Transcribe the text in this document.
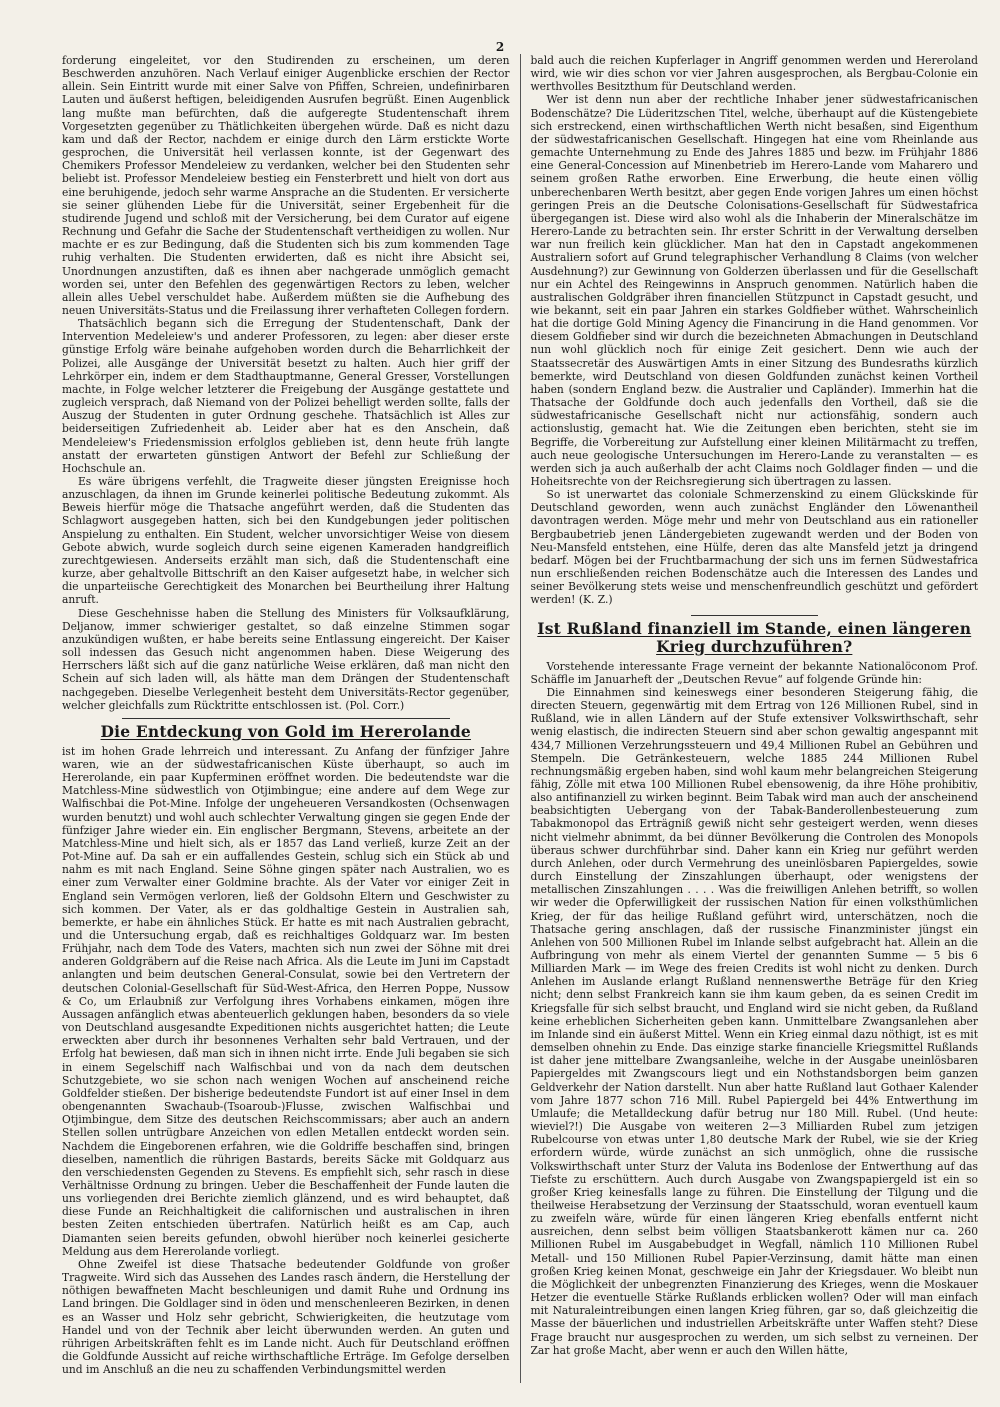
2

forderung eingeleitet, vor den Studirenden zu erscheinen, um deren Beschwerden anzuhören. Nach Verlauf einiger Augenblicke erschien der Rector allein. Sein Eintritt wurde mit einer Salve von Pfiffen, Schreien, undefinirbaren Lauten und äußerst heftigen, beleidigenden Ausrufen begrüßt. Einen Augenblick lang mußte man befürchten, daß die aufgeregte Studentenschaft ihrem Vorgesetzten gegenüber zu Thätlichkeiten übergehen würde. Daß es nicht dazu kam und daß der Rector, nachdem er einige durch den Lärm erstickte Worte gesprochen, die Universität heil verlassen konnte, ist der Gegenwart des Chemikers Professor Mendeleiew zu verdanken, welcher bei den Studenten sehr beliebt ist. Professor Mendeleiew bestieg ein Fensterbrett und hielt von dort aus eine beruhigende, jedoch sehr warme Ansprache an die Studenten. Er versicherte sie seiner glühenden Liebe für die Universität, seiner Ergebenheit für die studirende Jugend und schloß mit der Versicherung, bei dem Curator auf eigene Rechnung und Gefahr die Sache der Studentenschaft vertheidigen zu wollen. Nur machte er es zur Bedingung, daß die Studenten sich bis zum kommenden Tage ruhig verhalten. Die Studenten erwiderten, daß es nicht ihre Absicht sei, Unordnungen anzustiften, daß es ihnen aber nachgerade unmöglich gemacht worden sei, unter den Befehlen des gegenwärtigen Rectors zu leben, welcher allein alles Uebel verschuldet habe. Außerdem müßten sie die Aufhebung des neuen Universitäts-Status und die Freilassung ihrer verhafteten Collegen fordern.

Thatsächlich begann sich die Erregung der Studentenschaft, Dank der Intervention Medeleiew's und anderer Professoren, zu legen: aber dieser erste günstige Erfolg wäre beinahe aufgehoben worden durch die Beharrlichkeit der Polizei, alle Ausgänge der Universität besetzt zu halten. Auch hier griff der Lehrkörper ein, indem er dem Stadthauptmanne, General Gresser, Vorstellungen machte, in Folge welcher letzterer die Freigebung der Ausgänge gestattete und zugleich versprach, daß Niemand von der Polizei behelligt werden sollte, falls der Auszug der Studenten in guter Ordnung geschehe. Thatsächlich ist Alles zur beiderseitigen Zufriedenheit ab. Leider aber hat es den Anschein, daß Mendeleiew's Friedensmission erfolglos geblieben ist, denn heute früh langte anstatt der erwarteten günstigen Antwort der Befehl zur Schließung der Hochschule an.

Es wäre übrigens verfehlt, die Tragweite dieser jüngsten Ereignisse hoch anzuschlagen, da ihnen im Grunde keinerlei politische Bedeutung zukommt. Als Beweis hierfür möge die Thatsache angeführt werden, daß die Studenten das Schlagwort ausgegeben hatten, sich bei den Kundgebungen jeder politischen Anspielung zu enthalten. Ein Student, welcher unvorsichtiger Weise von diesem Gebote abwich, wurde sogleich durch seine eigenen Kameraden handgreiflich zurechtgewiesen. Anderseits erzählt man sich, daß die Studentenschaft eine kurze, aber gehaltvolle Bittschrift an den Kaiser aufgesetzt habe, in welcher sich die unparteiische Gerechtigkeit des Monarchen bei Beurtheilung ihrer Haltung anruft.

Diese Geschehnisse haben die Stellung des Ministers für Volksaufklärung, Deljanow, immer schwieriger gestaltet, so daß einzelne Stimmen sogar anzukündigen wußten, er habe bereits seine Entlassung eingereicht. Der Kaiser soll indessen das Gesuch nicht angenommen haben. Diese Weigerung des Herrschers läßt sich auf die ganz natürliche Weise erklären, daß man nicht den Schein auf sich laden will, als hätte man dem Drängen der Studentenschaft nachgegeben. Dieselbe Verlegenheit besteht dem Universitäts-Rector gegenüber, welcher gleichfalls zum Rücktritte entschlossen ist. (Pol. Corr.)

Die Entdeckung von Gold im Hererolande

ist im hohen Grade lehrreich und interessant. Zu Anfang der fünfziger Jahre waren, wie an der südwestafricanischen Küste überhaupt, so auch im Hererolande, ein paar Kupferminen eröffnet worden. Die bedeutendste war die Matchless-Mine südwestlich von Otjimbingue; eine andere auf dem Wege zur Walfischbai die Pot-Mine. Infolge der ungeheueren Versandkosten (Ochsenwagen wurden benutzt) und wohl auch schlechter Verwaltung gingen sie gegen Ende der fünfziger Jahre wieder ein. Ein englischer Bergmann, Stevens, arbeitete an der Matchless-Mine und hielt sich, als er 1857 das Land verließ, kurze Zeit an der Pot-Mine auf. Da sah er ein auffallendes Gestein, schlug sich ein Stück ab und nahm es mit nach England. Seine Söhne gingen später nach Australien, wo es einer zum Verwalter einer Goldmine brachte. Als der Vater vor einiger Zeit in England sein Vermögen verloren, ließ der Goldsohn Eltern und Geschwister zu sich kommen. Der Vater, als er das goldhaltige Gestein in Australien sah, bemerkte, er habe ein ähnliches Stück. Er hatte es mit nach Australien gebracht, und die Untersuchung ergab, daß es reichhaltiges Goldquarz war. Im besten Frühjahr, nach dem Tode des Vaters, machten sich nun zwei der Söhne mit drei anderen Goldgräbern auf die Reise nach Africa. Als die Leute im Juni im Capstadt anlangten und beim deutschen General-Consulat, sowie bei den Vertretern der deutschen Colonial-Gesellschaft für Süd-West-Africa, den Herren Poppe, Nussow & Co, um Erlaubniß zur Verfolgung ihres Vorhabens einkamen, mögen ihre Aussagen anfänglich etwas abenteuerlich geklungen haben, besonders da so viele von Deutschland ausgesandte Expeditionen nichts ausgerichtet hatten; die Leute erweckten aber durch ihr besonnenes Verhalten sehr bald Vertrauen, und der Erfolg hat bewiesen, daß man sich in ihnen nicht irrte. Ende Juli begaben sie sich in einem Segelschiff nach Walfischbai und von da nach dem deutschen Schutzgebiete, wo sie schon nach wenigen Wochen auf anscheinend reiche Goldfelder stießen. Der bisherige bedeutendste Fundort ist auf einer Insel in dem obengenannten Swachaub-(Tsoaroub-)Flusse, zwischen Walfischbai und Otjimbingue, dem Sitze des deutschen Reichscommissars; aber auch an andern Stellen sollen untrügbare Anzeichen von edlen Metallen entdeckt worden sein. Nachdem die Eingeborenen erfahren, wie die Goldriffe beschaffen sind, bringen dieselben, namentlich die rührigen Bastards, bereits Säcke mit Goldquarz aus den verschiedensten Gegenden zu Stevens. Es empfiehlt sich, sehr rasch in diese Verhältnisse Ordnung zu bringen. Ueber die Beschaffenheit der Funde lauten die uns vorliegenden drei Berichte ziemlich glänzend, und es wird behauptet, daß diese Funde an Reichhaltigkeit die californischen und australischen in ihren besten Zeiten entschieden übertrafen. Natürlich heißt es am Cap, auch Diamanten seien bereits gefunden, obwohl hierüber noch keinerlei gesicherte Meldung aus dem Hererolande vorliegt.

Ohne Zweifel ist diese Thatsache bedeutender Goldfunde von großer Tragweite. Wird sich das Aussehen des Landes rasch ändern, die Herstellung der nöthigen bewaffneten Macht beschleunigen und damit Ruhe und Ordnung ins Land bringen. Die Goldlager sind in öden und menschenleeren Bezirken, in denen es an Wasser und Holz sehr gebricht, Schwierigkeiten, die heutzutage vom Handel und von der Technik aber leicht überwunden werden. An guten und rührigen Arbeitskräften fehlt es im Lande nicht. Auch für Deutschland eröffnen die Goldfunde Aussicht auf reiche wirthschaftliche Erträge. Im Gefolge derselben und im Anschluß an die neu zu schaffenden Verbindungsmittel werden

bald auch die reichen Kupferlager in Angriff genommen werden und Hereroland wird, wie wir dies schon vor vier Jahren ausgesprochen, als Bergbau-Colonie ein werthvolles Besitzthum für Deutschland werden.

Wer ist denn nun aber der rechtliche Inhaber jener südwestafricanischen Bodenschätze? Die Lüderitzschen Titel, welche, überhaupt auf die Küstengebiete sich erstreckend, einen wirthschaftlichen Werth nicht besaßen, sind Eigenthum der südwestafricanischen Gesellschaft. Hingegen hat eine vom Rheinlande aus gemachte Unternehmung zu Ende des Jahres 1885 und bezw. im Frühjahr 1886 eine General-Concession auf Minenbetrieb im Herero-Lande vom Maharero und seinem großen Rathe erworben. Eine Erwerbung, die heute einen völlig unberechenbaren Werth besitzt, aber gegen Ende vorigen Jahres um einen höchst geringen Preis an die Deutsche Colonisations-Gesellschaft für Südwestafrica übergegangen ist. Diese wird also wohl als die Inhaberin der Mineralschätze im Herero-Lande zu betrachten sein. Ihr erster Schritt in der Verwaltung derselben war nun freilich kein glücklicher. Man hat den in Capstadt angekommenen Australiern sofort auf Grund telegraphischer Verhandlung 8 Claims (von welcher Ausdehnung?) zur Gewinnung von Golderzen überlassen und für die Gesellschaft nur ein Achtel des Reingewinns in Anspruch genommen. Natürlich haben die australischen Goldgräber ihren financiellen Stützpunct in Capstadt gesucht, und wie bekannt, seit ein paar Jahren ein starkes Goldfieber wüthet. Wahrscheinlich hat die dortige Gold Mining Agency die Financirung in die Hand genommen. Vor diesem Goldfieber sind wir durch die bezeichneten Abmachungen in Deutschland nun wohl glücklich noch für einige Zeit gesichert. Denn wie auch der Staatssecretär des Auswärtigen Amts in einer Sitzung des Bundesraths kürzlich bemerkte, wird Deutschland von diesen Goldfunden zunächst keinen Vortheil haben (sondern England bezw. die Australier und Capländer). Immerhin hat die Thatsache der Goldfunde doch auch jedenfalls den Vortheil, daß sie die südwestafricanische Gesellschaft nicht nur actionsfähig, sondern auch actionslustig, gemacht hat. Wie die Zeitungen eben berichten, steht sie im Begriffe, die Vorbereitung zur Aufstellung einer kleinen Militärmacht zu treffen, auch neue geologische Untersuchungen im Herero-Lande zu veranstalten — es werden sich ja auch außerhalb der acht Claims noch Goldlager finden — und die Hoheitsrechte von der Reichsregierung sich übertragen zu lassen.

So ist unerwartet das coloniale Schmerzenskind zu einem Glückskinde für Deutschland geworden, wenn auch zunächst Engländer den Löwenantheil davontragen werden. Möge mehr und mehr von Deutschland aus ein rationeller Bergbaubetrieb jenen Ländergebieten zugewandt werden und der Boden von Neu-Mansfeld entstehen, eine Hülfe, deren das alte Mansfeld jetzt ja dringend bedarf. Mögen bei der Fruchtbarmachung der sich uns im fernen Südwestafrica nun erschließenden reichen Bodenschätze auch die Interessen des Landes und seiner Bevölkerung stets weise und menschenfreundlich geschützt und gefördert werden! (K. Z.)

Ist Rußland finanziell im Stande, einen längeren Krieg durchzuführen?

Vorstehende interessante Frage verneint der bekannte Nationalöconom Prof. Schäffle im Januarheft der „Deutschen Revue“ auf folgende Gründe hin:

Die Einnahmen sind keineswegs einer besonderen Steigerung fähig, die directen Steuern, gegenwärtig mit dem Ertrag von 126 Millionen Rubel, sind in Rußland, wie in allen Ländern auf der Stufe extensiver Volkswirthschaft, sehr wenig elastisch, die indirecten Steuern sind aber schon gewaltig angespannt mit 434,7 Millionen Verzehrungssteuern und 49,4 Millionen Rubel an Gebühren und Stempeln. Die Getränkesteuern, welche 1885 244 Millionen Rubel rechnungsmäßig ergeben haben, sind wohl kaum mehr belangreichen Steigerung fähig, Zölle mit etwa 100 Millionen Rubel ebensowenig, da ihre Höhe prohibitiv, also antifinanziell zu wirken beginnt. Beim Tabak wird man auch der anscheinend beabsichtigten Uebergang von der Tabak-Banderollenbesteuerung zum Tabakmonopol das Erträgniß gewiß nicht sehr gesteigert werden, wenn dieses nicht vielmehr abnimmt, da bei dünner Bevölkerung die Controlen des Monopols überaus schwer durchführbar sind. Daher kann ein Krieg nur geführt werden durch Anlehen, oder durch Vermehrung des uneinlösbaren Papiergeldes, sowie durch Einstellung der Zinszahlungen überhaupt, oder wenigstens der metallischen Zinszahlungen . . . . Was die freiwilligen Anlehen betrifft, so wollen wir weder die Opferwilligkeit der russischen Nation für einen volksthümlichen Krieg, der für das heilige Rußland geführt wird, unterschätzen, noch die Thatsache gering anschlagen, daß der russische Finanzminister jüngst ein Anlehen von 500 Millionen Rubel im Inlande selbst aufgebracht hat. Allein an die Aufbringung von mehr als einem Viertel der genannten Summe — 5 bis 6 Milliarden Mark — im Wege des freien Credits ist wohl nicht zu denken. Durch Anlehen im Auslande erlangt Rußland nennenswerthe Beträge für den Krieg nicht; denn selbst Frankreich kann sie ihm kaum geben, da es seinen Credit im Kriegsfalle für sich selbst braucht, und England wird sie nicht geben, da Rußland keine erheblichen Sicherheiten geben kann. Unmittelbare Zwangsanlehen aber im Inlande sind ein äußerst Mittel. Wenn ein Krieg einmal dazu nöthigt, ist es mit demselben ohnehin zu Ende. Das einzige starke financielle Kriegsmittel Rußlands ist daher jene mittelbare Zwangsanleihe, welche in der Ausgabe uneinlösbaren Papiergeldes mit Zwangscours liegt und ein Nothstandsborgen beim ganzen Geldverkehr der Nation darstellt. Nun aber hatte Rußland laut Gothaer Kalender vom Jahre 1877 schon 716 Mill. Rubel Papiergeld bei 44% Entwerthung im Umlaufe; die Metalldeckung dafür betrug nur 180 Mill. Rubel. (Und heute: wieviel?!) Die Ausgabe von weiteren 2—3 Milliarden Rubel zum jetzigen Rubelcourse von etwas unter 1,80 deutsche Mark der Rubel, wie sie der Krieg erfordern würde, würde zunächst an sich unmöglich, ohne die russische Volkswirthschaft unter Sturz der Valuta ins Bodenlose der Entwerthung auf das Tiefste zu erschüttern. Auch durch Ausgabe von Zwangspapiergeld ist ein so großer Krieg keinesfalls lange zu führen. Die Einstellung der Tilgung und die theilweise Herabsetzung der Verzinsung der Staatsschuld, woran eventuell kaum zu zweifeln wäre, würde für einen längeren Krieg ebenfalls entfernt nicht ausreichen, denn selbst beim völligen Staatsbankerott kämen nur ca. 260 Millionen Rubel im Ausgabebudget in Wegfall, nämlich 110 Millionen Rubel Metall- und 150 Millionen Rubel Papier-Verzinsung, damit hätte man einen großen Krieg keinen Monat, geschweige ein Jahr der Kriegsdauer. Wo bleibt nun die Möglichkeit der unbegrenzten Finanzierung des Krieges, wenn die Moskauer Hetzer die eventuelle Stärke Rußlands erblicken wollen? Oder will man einfach mit Naturaleintreibungen einen langen Krieg führen, gar so, daß gleichzeitig die Masse der bäuerlichen und industriellen Arbeitskräfte unter Waffen steht? Diese Frage braucht nur ausgesprochen zu werden, um sich selbst zu verneinen. Der Zar hat große Macht, aber wenn er auch den Willen hätte,
